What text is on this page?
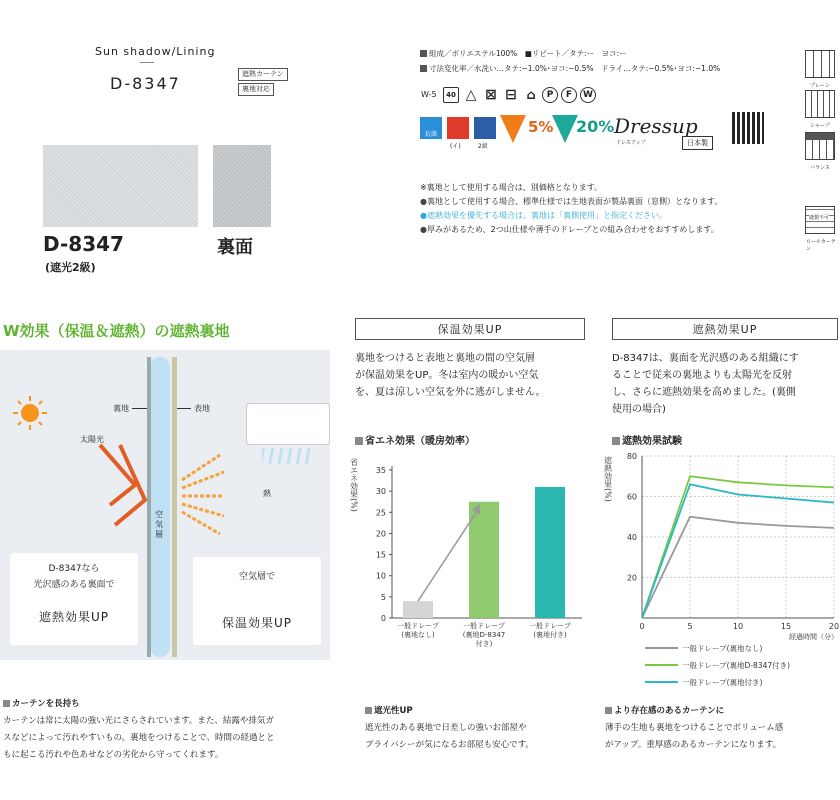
Sun shadow/Lining
D-8347	遮熱カーテン
裏地対応
D-8347
(遮光2級)
裏面
組成／ポリエステル100%　■リピート／タテ:ー　ヨコ:ー
寸法変化率／水洗い…タテ:−1.0%･ヨコ:−0.5%　ドライ…タテ:−0.5%･ヨコ:−1.0%
W-5	40 △ ⊠ ⊟ ⌂	P	F	W
抗菌
(イ)	2級
5% 20% Dressup
ドレスアップ	日本製
プレーン
シャープ
バランス
縫製不可
ロールカーテン
※裏地として使用する場合は、別価格となります。
●裏地として使用する場合、標準仕様では生地表面が製品裏面（窓側）となります。
●遮熱効果を優先する場合は、裏地は「裏側使用」と指定ください。
●厚みがあるため、2つ山仕様や薄手のドレープとの組み合わせをおすすめします。
W効果（保温＆遮熱）の遮熱裏地
空気層
裏地	表地
太陽光
熱
D-8347なら
光沢感のある裏面で
遮熱効果UP
空気層で
保温効果UP
保温効果UP
裏地をつけると表地と裏地の間の空気層
が保温効果をUP。冬は室内の暖かい空気
を、夏は涼しい空気を外に逃がしません。
省エネ効果（暖房効率）
0
5
10
15
20
25
30
35
省エネ効果(%)
一般ドレープ
(裏地なし)
一般ドレープ
(裏地D-8347
付き)
一般ドレープ
(裏地付き)
遮熱効果UP
D-8347は、裏面を光沢感のある組織にす
ることで従来の裏地よりも太陽光を反射
し、さらに遮熱効果を高めました。(裏側
使用の場合)
遮熱効果試験
20
40
60
80
0	5	10	15	20
遮熱効果(%)
経過時間（分）
一般ドレープ(裏地なし)
一般ドレープ(裏地D-8347付き)
一般ドレープ(裏地付き)
カーテンを長持ち
カーテンは常に太陽の強い光にさらされています。また、結露や排気ガ
スなどによって汚れやすいもの。裏地をつけることで、時間の経過とと
もに起こる汚れや色あせなどの劣化から守ってくれます。
遮光性UP
遮光性のある裏地で日差しの強いお部屋や
プライバシーが気になるお部屋も安心です。
より存在感のあるカーテンに
薄手の生地も裏地をつけることでボリューム感
がアップ。重厚感のあるカーテンになります。
